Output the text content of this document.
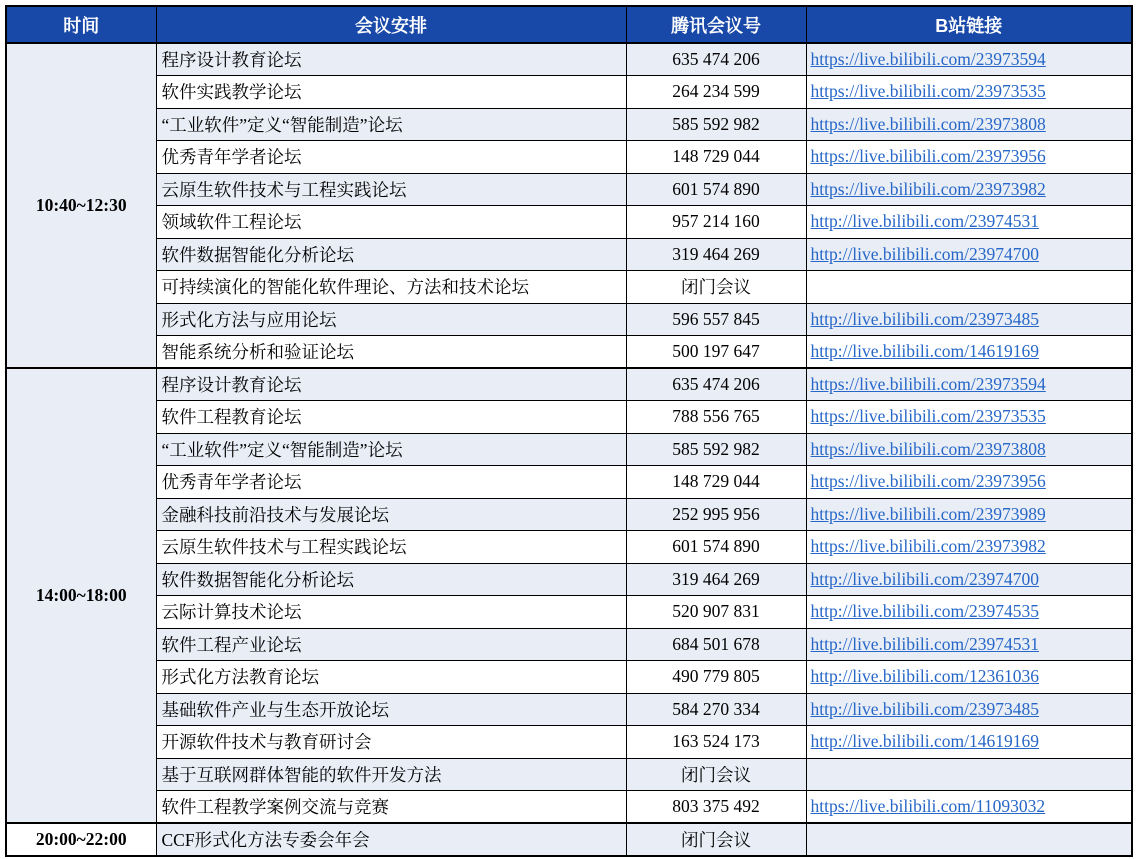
时间	会议安排	腾讯会议号	B站链接
10:40~12:30	程序设计教育论坛	635 474 206	https://live.bilibili.com/23973594
	软件实践教学论坛	264 234 599	https://live.bilibili.com/23973535
	“工业软件”定义“智能制造”论坛	585 592 982	https://live.bilibili.com/23973808
	优秀青年学者论坛	148 729 044	https://live.bilibili.com/23973956
	云原生软件技术与工程实践论坛	601 574 890	https://live.bilibili.com/23973982
	领域软件工程论坛	957 214 160	http://live.bilibili.com/23974531
	软件数据智能化分析论坛	319 464 269	http://live.bilibili.com/23974700
	可持续演化的智能化软件理论、方法和技术论坛	闭门会议	
	形式化方法与应用论坛	596 557 845	http://live.bilibili.com/23973485
	智能系统分析和验证论坛	500 197 647	http://live.bilibili.com/14619169
14:00~18:00	程序设计教育论坛	635 474 206	https://live.bilibili.com/23973594
	软件工程教育论坛	788 556 765	https://live.bilibili.com/23973535
	“工业软件”定义“智能制造”论坛	585 592 982	https://live.bilibili.com/23973808
	优秀青年学者论坛	148 729 044	https://live.bilibili.com/23973956
	金融科技前沿技术与发展论坛	252 995 956	https://live.bilibili.com/23973989
	云原生软件技术与工程实践论坛	601 574 890	https://live.bilibili.com/23973982
	软件数据智能化分析论坛	319 464 269	http://live.bilibili.com/23974700
	云际计算技术论坛	520 907 831	http://live.bilibili.com/23974535
	软件工程产业论坛	684 501 678	http://live.bilibili.com/23974531
	形式化方法教育论坛	490 779 805	http://live.bilibili.com/12361036
	基础软件产业与生态开放论坛	584 270 334	http://live.bilibili.com/23973485
	开源软件技术与教育研讨会	163 524 173	http://live.bilibili.com/14619169
	基于互联网群体智能的软件开发方法	闭门会议	
	软件工程教学案例交流与竞赛	803 375 492	https://live.bilibili.com/11093032
20:00~22:00	CCF形式化方法专委会年会	闭门会议	
